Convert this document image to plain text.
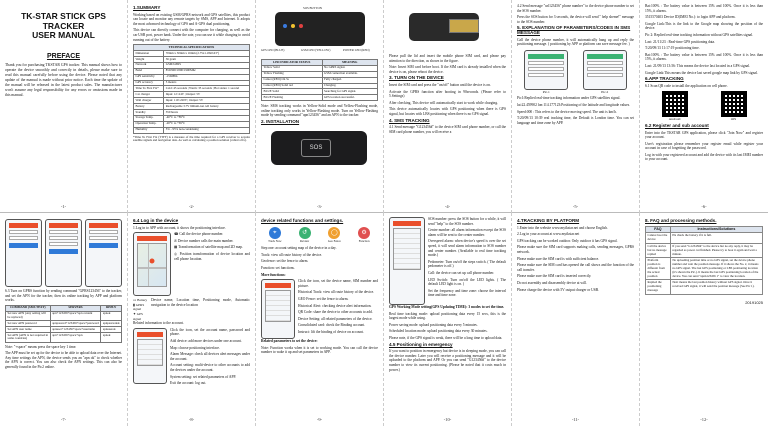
TK-STAR STICK GPS
TRACKER
USER MANUAL
PREFACE

Thank you for purchasing TKSTAR GPS tracker. This manual shows how to operate the device smoothly and correctly in details, please make sure to read this manual carefully before using the device. Please noted that any update of the manual is made without prior notice. Each time the update of the manual will be released in the latest product sales. The manufacturer won't assume any legal responsibility for any errors or omissions made in this manual.

-1-
1.SUMMARY

Working based on existing GSM/GPRS network and GPS satellites, this product can locate and monitor any remote targets by SMS, APP and Internet. It adopts the most advanced technology of GPS and A-GPS dual positioning.

This device can directly connect with the computer for charging, as well as the car USB port, power bank. Under the sate, you can use it while charging to avoid running out of the battery.

TECHNICAL SPECIFICATIONS	
Dimension	70mm x 30mm x 16mm (2.75x1.18x0.63")
Weight	36 gram
Network	GSM/GPRS
Band	850/900/1800/1900Mhz
GPS sensitivity	-159dBm
GPS accuracy	5 meters
Time To First Fix*	Cold: 45 seconds | Warm: 35 seconds | Hot status: 1 second
Car charger	Input: 12~24V | Output: 5V
Wall charger	Input: 110~220V | Output: 5V
Battery	Rechargeable 3.7V lithium-ion cell battery
Standby	350 hours
Storage Temp.	-40°C to +85°C
Operation Temp.	-20°C to +65°C
Humidity	5% - 95% non-condensing

*Time To First Fix (TTFF) is a measure of the time required for a GPS receiver to acquire satellite signals and navigation data. As well as calculating a position solution (called a fix).

-2-
SOS BUTTON
GPS LED (BLUE)	GSM LED (YELLOW)	POWER LED (RED)
LED INDICATOR STATUS	MEANING
Yellow Solid	No GPRS signal.
Yellow Flashing	GSM connection available.
Center (RED) On 5s	Fully charged.
Center (RED) Solid red	Charging.
BLUE Solid	Searching for GPS signal.
BLUE Flashing	GPS location successful.

Note: SMS tracking works in Yellow-Solid mode and Yellow-Flashing mode, online tracking only works in Yellow-Flashing mode. Turn on Yellow-Flashing mode by sending command "apn123456" and an APN to the tracker.

2. INSTALLATION
SOS
-3-

Please pull the lid and insert the mobile phone SIM card, and please pay attention to the direction, as shown in the figure.

Note: Insert SIM card before boot. If the SIM card is already installed when the device is on, please reboot the device.

3. TURN ON THE DEVICE

Insert the SIM card and press the "on/off" button until the device is on.

Activate the GPRS function after booting in 90seconds. (Please refer to 5.Settings)

After checking, This device will automatically start to work while charging.

This device automatically locates with GPS positioning when there is GPS signal, but locates with LBS positioning when there is no GPS signal.

4. SMS TRACKING

4.1 Send message "G123456#" to the device SIM card phone number, or call the SIM card phone number, you will receive a

-4-

4.2 Send message "url123456" phone number" to the device phone number to set the SOS number.

Press the SOS button for 3 seconds, the device will send " help sheme!" message to the SOS number.

5. EXPLANATION OF PARAMETERS/CODES IN SMS MESSAGE

Call the device phone number, it will automatically hang up and reply the positioning message. ( positioning by APP or platform can save message fee. )

Pic.1	Pic.2

Pic1:Replied real-time tracking information under GPS satellites signal.

lat:22.459902 lon:114.177123:Positioning of the latitude and longitude values.

Speed:000 : This refers to the device moving speed. The unit is km/h.

T:20/09/13 10:39 real tracking time, the Default is London time. You can set language and time zone by APP.

-5-

Bat:100% : The battery value is between 15% and 100%. Once it is less than 15%, it alarms.

3515570403 Device ID(IMEI No.): to login APP and platform.

Google Link:This is the link to the Google map showing the position of the device.

Pic 2: Replied real-time tracking information without GPS satellites signal.

Last: 21/11/23 : Real-time GPS positioning data.

T:20/09/13 11:17:19 positioning time.

Bat:100% : The battery value is between 15% and 100%. Once it is less than 15%, it alarms.

Last: 21/09/13 13:56: This means the device last located in a GPS signal.

Google Link:This means the device last saved google map link by GPS signal.

6.APP TRACKING

6.1 Scan QR code to install the application on cell phone.

Android	iOS
6.2 Register and sub account

Enter into the TKSTAR GPS application, please click "Join Now" and register your account.

User's registration please remember your register email while register your account in case of forgetting the password.

Log in with your registered account and add the device with its last IMEI number to your account.

-6-

6.3 Turn on GPRS function by sending command "GPRS123456" to the tracker, and set the APN for the tracker, then its online tracking by APP and platform works.

COMMAND (SMS TEXT)	SERVERS	REPLY
Set new APN (Any setting will be replaced)	apn+123456+space+apn content	apnok
Set new APN password	apnpasswd+123456+space+password	apnpasswdok
Set APN user name	apnuser+123456+space+username	apnuserok
Set APN (APN is not required in some countries)	apn+123456+space+apn	apnok

Note: "+space" means press the space key 1 time.

The APP must be set up for the device to be able to upload data over the Internet. Any time settings the APN, the device sends you an "apn ok" to check whether the APN is correct. You can also check the APN settings. This can also be generally found in the Pic2 online.

-7-
6.4 Log in the device

1.Log in to APP with account, it shows the positioning interface.

☎ Call the device phone number.

✆ Device number calls the main number.

▦ Transformation of satellite map and 2D map.

◎ Position transformation of device location and cell phone location.

▭ Battery

▮ GPRS signal

✦ GPS signal

Device name, Location time, Positioning mode, Automatic navigation to the device location

Related information to the account.

Click the icon, set the account name, password and phone.

Add device: add more devices under one account.

Map: choose positioning interface.

Alarm Message: check all devices alert messages under the account.

Account setting: multi-device to other accounts to add the devices under the account.

System setting: set related parameters of APP.

Exit the account: log out.

-8-
device related functions and settings.
⌖
Track Now
↺
Review
◯
Geo Fence
⚙
Function

Step one: account setting map of the device in a day.

Track: view all route history of the device.

Geofence: set the fence to alarm.

Function: set functions.

More functions:

Click the icon, set the device name, SIM number and picture.

Historical Track: view all route history of the device.

GEO Fence: set the fence to alarm.

Historical Alert: checking device alert information.

QR Code: share the device to other accounts to add.

Device Setting: all related parameters of the device.

Consolidated card: check the Binding account.

Instruct: lift the binding of device on account.

Related parameters to set the device:

Note: Function works when it is set to working mode. You can call the device number to wake it up and set parameters in APP.

-9-

SOS number: press the SOS button for a while, it will send "help" to the SOS number.

Centre number: all alarm information except the SOS alarm will be sent to the center number.

Overspeed alarm: when device's speed is over the set speed, it will send alarm information to SOS number and center number. (Available to real time tracking mode.)

Pedometer: Turn on/off the steps switch. ( The default pedometer is off.)

Call: the device can set up call phone number.

LED Switch: Turn on/off the LED lights. ( The default LED light is on. )

Set the frequency and time zone: choose the interval time and time zone.

GPS Working Mode setting(GPS Updating TIME): 3 modes to set the time.

Real time tracking mode: upload positioning data every 15 secs, this is the largest mode while using.

Power saving mode: upload positioning data every 5 minutes.

Scheduled location mode: upload positioning data every 30 minutes.

Please note, if the GPS signal is weak, there will be a long time to upload data.

4.5 Positioning in emergency

If you want to position in emergency but device is in sleeping mode, you can call the device number. Later you will receive a positioning message and it will be uploaded to the platform and APP. Or you can send "G123456#" to the device number to view its current positioning. (Please be noted that it costs much in power.)

-10-
4.TRACKING BY PLATFORM

1.Enter into the website www.mytkstar.net and choose English.

2.Log in your account at www.mytkstar.net

GPS tracking can be worked outdoor. Only outdoor it has GPS signal.

Please make sure the SIM card supports making calls, sending messages, GPRS network.

Please make sure the SIM card is with sufficient balance.

Please make sure the SIM card has opened the call shows and the function of the call transfer.

Please make sure the SIM card is inserted correctly.

Do not assembly and disassembly device at will.

Please charge the device with 5V output charger or USB.

-11-
8. FAQ and processing methods.
FAQ	Instructions/Solutions
Cannot boot the device	Pls check the battery if it is full.
Call the device but no message replied	If you send "G123456#" to the device but no any reply, it may be regarded as power cut finished. Please try to boot it again and wait a minute.
Platform position is different from the actual position	No uploading position time or no GPS signal, set the device phone number and wait the position message. If it shows the No. 2, it means no GPS signal. The last GPS positioning or LBS positioning location (it's shown the Pic.). It means the last GPS positioning location of the device. You can send "apnn123456 1" to view the location.
Replied the positioning message	Next means the last position history without GPS signal. Once it received GPS signal, it will send the position message (See Pic 1).
20191025
-12-
